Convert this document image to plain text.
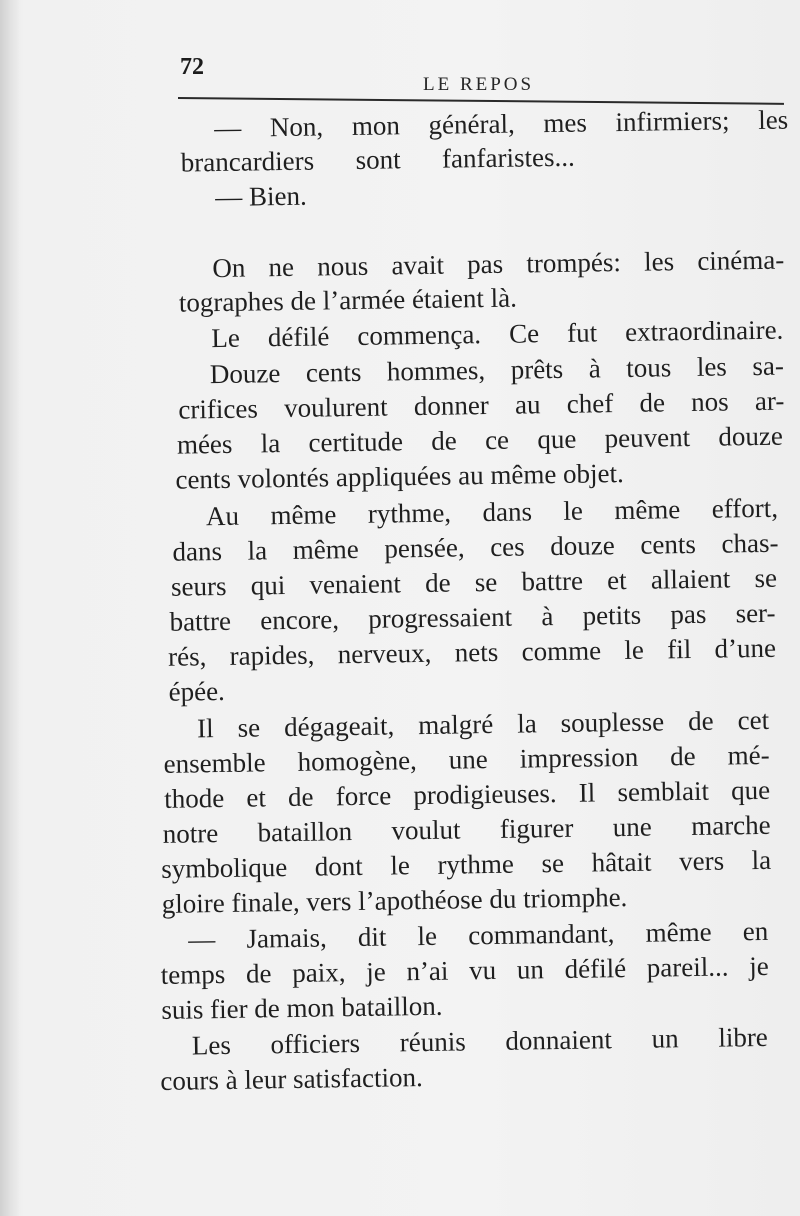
72
LE REPOS
— Non, mon général, mes infirmiers; les
brancardiers sont fanfaristes...
— Bien.
On ne nous avait pas trompés: les cinéma-
tographes de l’armée étaient là.
Le défilé commença. Ce fut extraordinaire.
Douze cents hommes, prêts à tous les sa-
crifices voulurent donner au chef de nos ar-
mées la certitude de ce que peuvent douze
cents volontés appliquées au même objet.
Au même rythme, dans le même effort,
dans la même pensée, ces douze cents chas-
seurs qui venaient de se battre et allaient se
battre encore, progressaient à petits pas ser-
rés, rapides, nerveux, nets comme le fil d’une
épée.
Il se dégageait, malgré la souplesse de cet
ensemble homogène, une impression de mé-
thode et de force prodigieuses. Il semblait que
notre bataillon voulut figurer une marche
symbolique dont le rythme se hâtait vers la
gloire finale, vers l’apothéose du triomphe.
— Jamais, dit le commandant, même en
temps de paix, je n’ai vu un défilé pareil... je
suis fier de mon bataillon.
Les officiers réunis donnaient un libre
cours à leur satisfaction.
